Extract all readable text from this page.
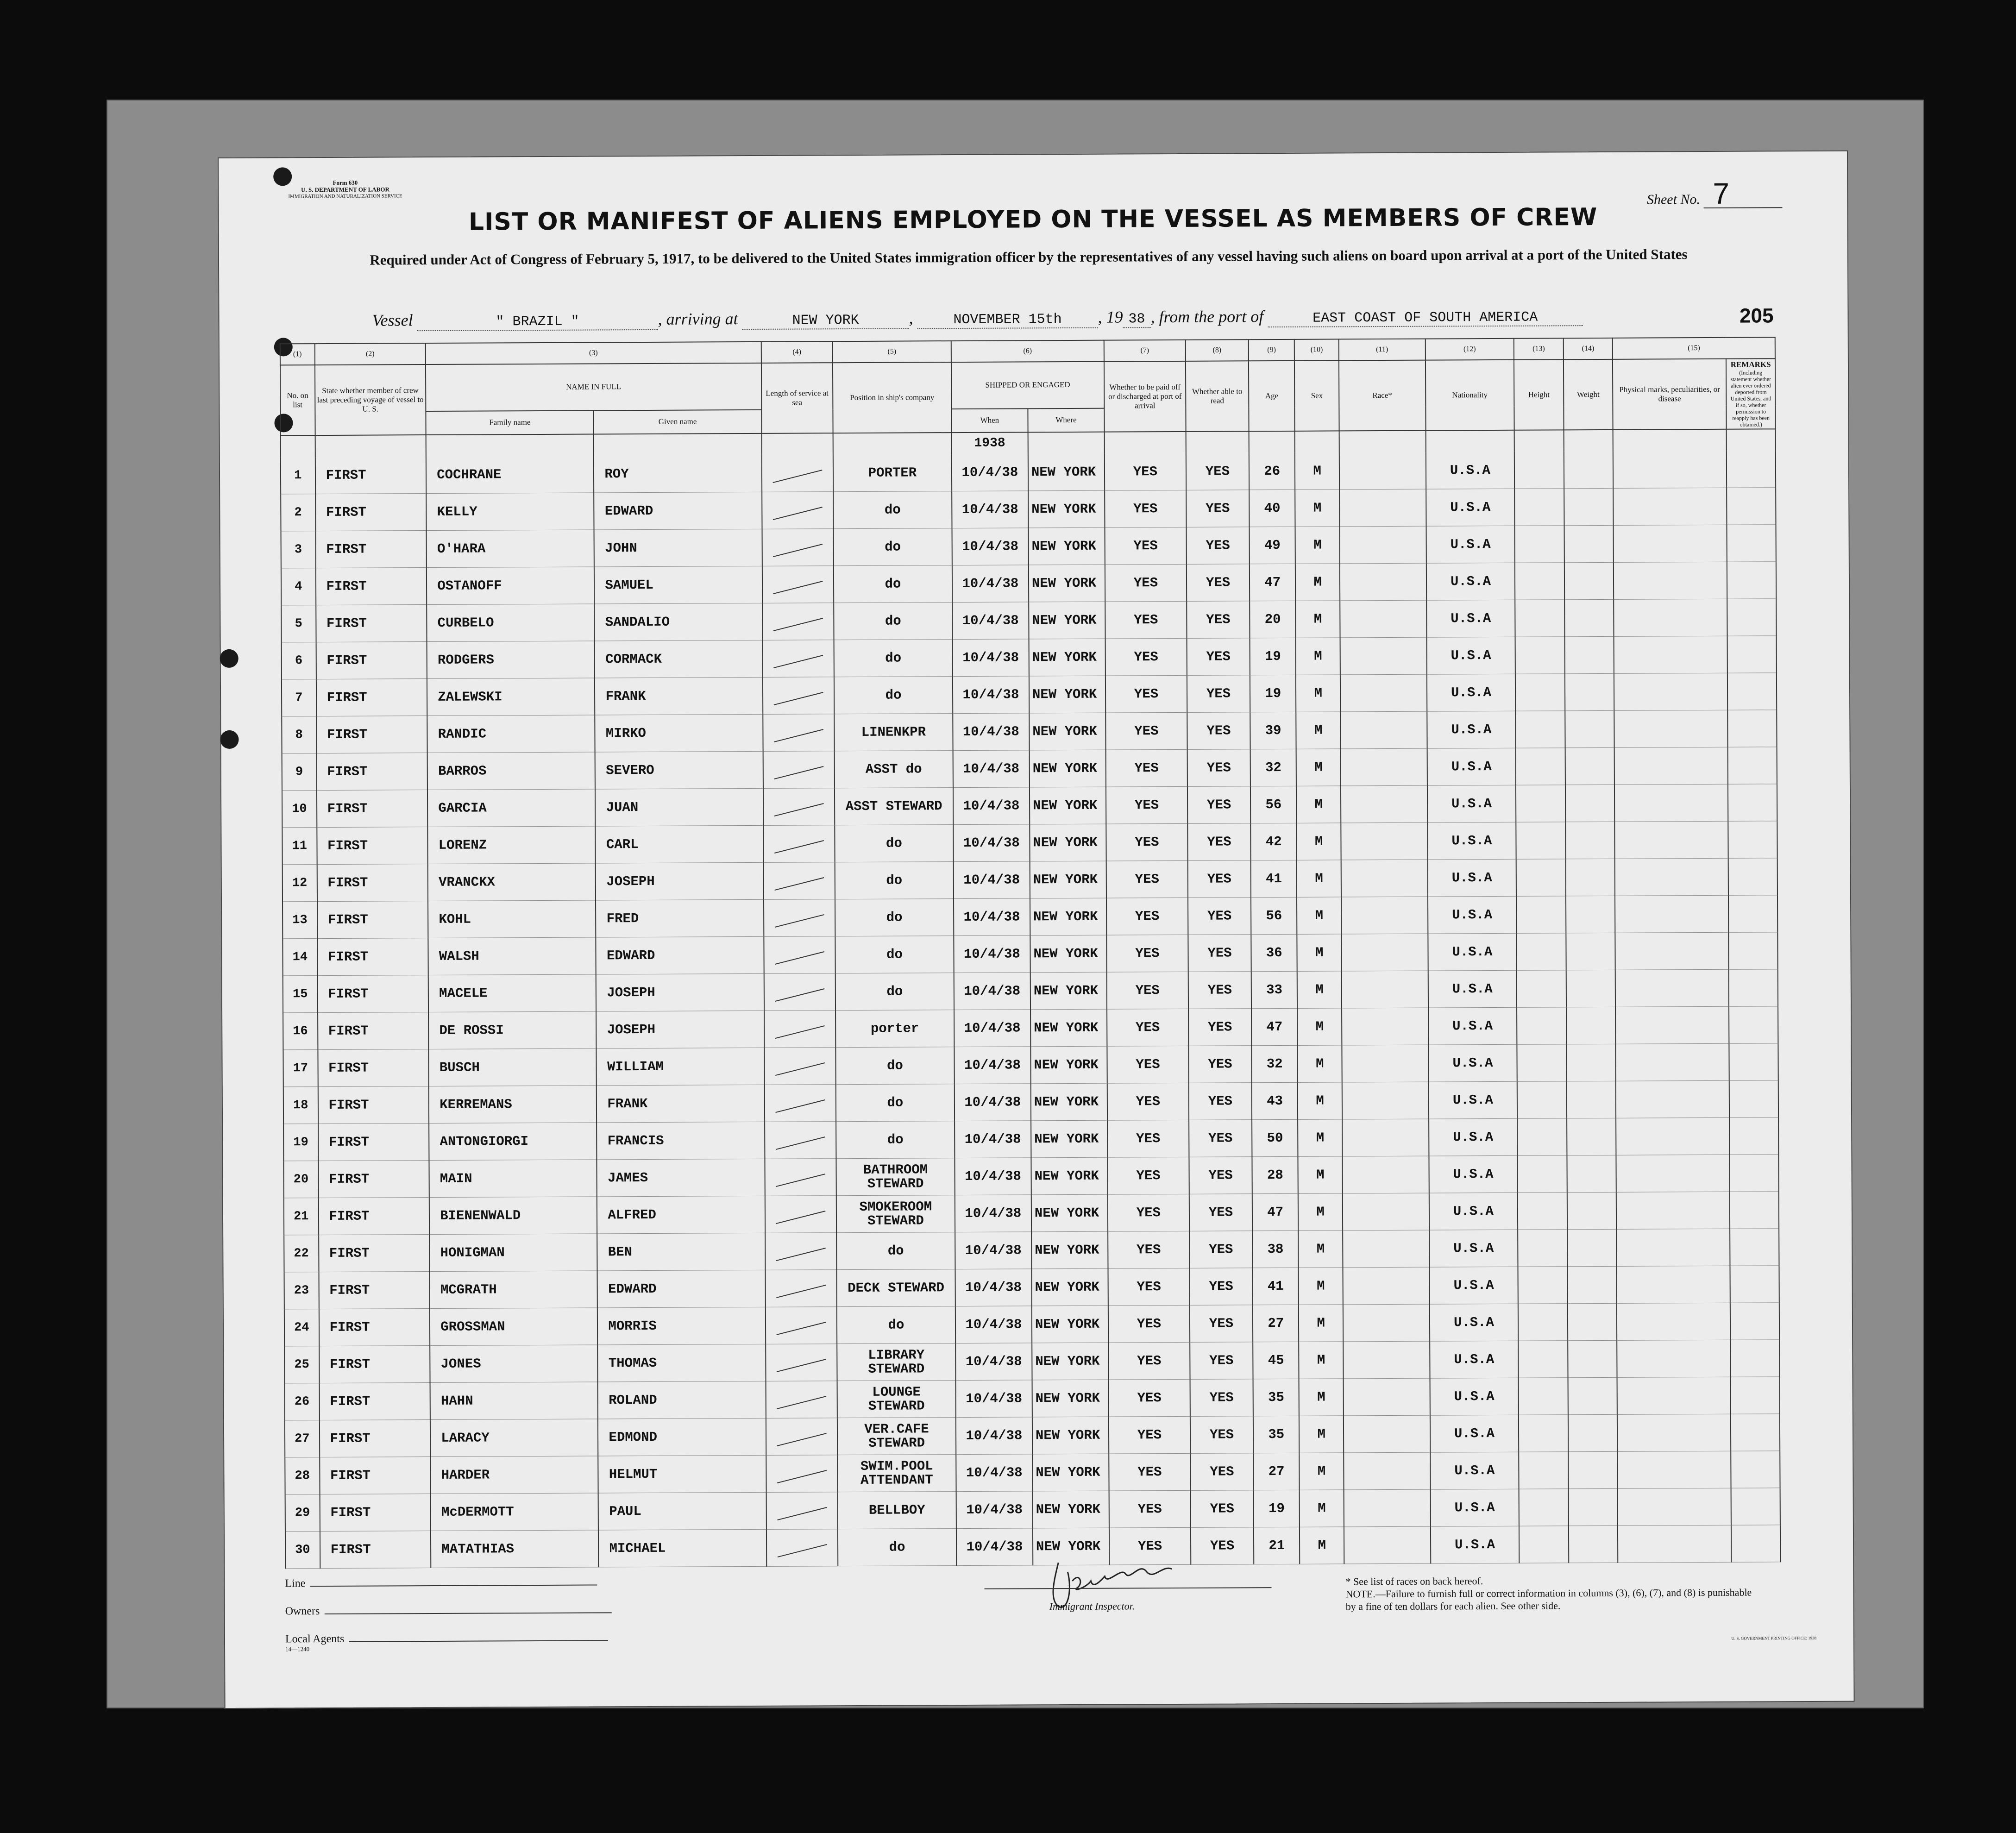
Form 630
U. S. DEPARTMENT OF LABOR
IMMIGRATION AND NATURALIZATION SERVICE	Sheet No. 7
LIST OR MANIFEST OF ALIENS EMPLOYED ON THE VESSEL AS MEMBERS OF CREW
Required under Act of Congress of February 5, 1917, to be delivered to the United States immigration officer by the representatives of any vessel having such aliens on board upon arrival at a port of the United States
Vessel	" BRAZIL "	, arriving at	NEW YORK	,	NOVEMBER 15th , 19 38 , from the port of	EAST COAST OF SOUTH AMERICA	205
(1)	(2)	(3)		(4)	(5)	(6)		(7)	(8)	(9)	(10)	(11)	(12)	(13)	(14)	(15)	
No. on list	State whether member of crew last preceding voyage of vessel to U. S.	NAME IN FULL		Length of service at sea	Position in ship's company	SHIPPED OR ENGAGED		Whether to be paid off or discharged at port of arrival	Whether able to read	Age	Sex	Race*	Nationality	Height	Weight	Physical marks, peculiarities, or disease	REMARKS
(Including statement whether alien ever ordered deported from United States, and if so, whether permission to reapply has been obtained.)

		Family name	Given name			When	Where										
						1938											
1	FIRST	COCHRANE	ROY		PORTER	10/4/38	NEW YORK	YES	YES	26	M		U.S.A				
2	FIRST	KELLY	EDWARD		do	10/4/38	NEW YORK	YES	YES	40	M		U.S.A				
3	FIRST	O'HARA	JOHN		do	10/4/38	NEW YORK	YES	YES	49	M		U.S.A				
4	FIRST	OSTANOFF	SAMUEL		do	10/4/38	NEW YORK	YES	YES	47	M		U.S.A				
5	FIRST	CURBELO	SANDALIO		do	10/4/38	NEW YORK	YES	YES	20	M		U.S.A				
6	FIRST	RODGERS	CORMACK		do	10/4/38	NEW YORK	YES	YES	19	M		U.S.A				
7	FIRST	ZALEWSKI	FRANK		do	10/4/38	NEW YORK	YES	YES	19	M		U.S.A				
8	FIRST	RANDIC	MIRKO		LINENKPR	10/4/38	NEW YORK	YES	YES	39	M		U.S.A				
9	FIRST	BARROS	SEVERO		ASST do	10/4/38	NEW YORK	YES	YES	32	M		U.S.A				
10	FIRST	GARCIA	JUAN		ASST STEWARD	10/4/38	NEW YORK	YES	YES	56	M		U.S.A				
11	FIRST	LORENZ	CARL		do	10/4/38	NEW YORK	YES	YES	42	M		U.S.A				
12	FIRST	VRANCKX	JOSEPH		do	10/4/38	NEW YORK	YES	YES	41	M		U.S.A				
13	FIRST	KOHL	FRED		do	10/4/38	NEW YORK	YES	YES	56	M		U.S.A				
14	FIRST	WALSH	EDWARD		do	10/4/38	NEW YORK	YES	YES	36	M		U.S.A				
15	FIRST	MACELE	JOSEPH		do	10/4/38	NEW YORK	YES	YES	33	M		U.S.A				
16	FIRST	DE ROSSI	JOSEPH		porter	10/4/38	NEW YORK	YES	YES	47	M		U.S.A				
17	FIRST	BUSCH	WILLIAM		do	10/4/38	NEW YORK	YES	YES	32	M		U.S.A				
18	FIRST	KERREMANS	FRANK		do	10/4/38	NEW YORK	YES	YES	43	M		U.S.A				
19	FIRST	ANTONGIORGI	FRANCIS		do	10/4/38	NEW YORK	YES	YES	50	M		U.S.A				
20	FIRST	MAIN	JAMES		BATHROOM
STEWARD	10/4/38	NEW YORK	YES	YES	28	M		U.S.A				
21	FIRST	BIENENWALD	ALFRED		SMOKEROOM
STEWARD	10/4/38	NEW YORK	YES	YES	47	M		U.S.A				
22	FIRST	HONIGMAN	BEN		do	10/4/38	NEW YORK	YES	YES	38	M		U.S.A				
23	FIRST	MCGRATH	EDWARD		DECK STEWARD	10/4/38	NEW YORK	YES	YES	41	M		U.S.A				
24	FIRST	GROSSMAN	MORRIS		do	10/4/38	NEW YORK	YES	YES	27	M		U.S.A				
25	FIRST	JONES	THOMAS		LIBRARY
STEWARD	10/4/38	NEW YORK	YES	YES	45	M		U.S.A				
26	FIRST	HAHN	ROLAND		LOUNGE
STEWARD	10/4/38	NEW YORK	YES	YES	35	M		U.S.A				
27	FIRST	LARACY	EDMOND		VER.CAFE
STEWARD	10/4/38	NEW YORK	YES	YES	35	M		U.S.A				
28	FIRST	HARDER	HELMUT		SWIM.POOL
ATTENDANT	10/4/38	NEW YORK	YES	YES	27	M		U.S.A				
29	FIRST	McDERMOTT	PAUL		BELLBOY	10/4/38	NEW YORK	YES	YES	19	M		U.S.A				
30	FIRST	MATATHIAS	MICHAEL		do	10/4/38	NEW YORK	YES	YES	21	M		U.S.A				
Line
Owners
Local Agents
14—1240
John k Wall
Immigrant Inspector.
* See list of races on back hereof.
NOTE.—Failure to furnish full or correct information in columns (3), (6), (7), and (8) is punishable by a fine of ten dollars for each alien. See other side.
U. S. GOVERNMENT PRINTING OFFICE: 1938
